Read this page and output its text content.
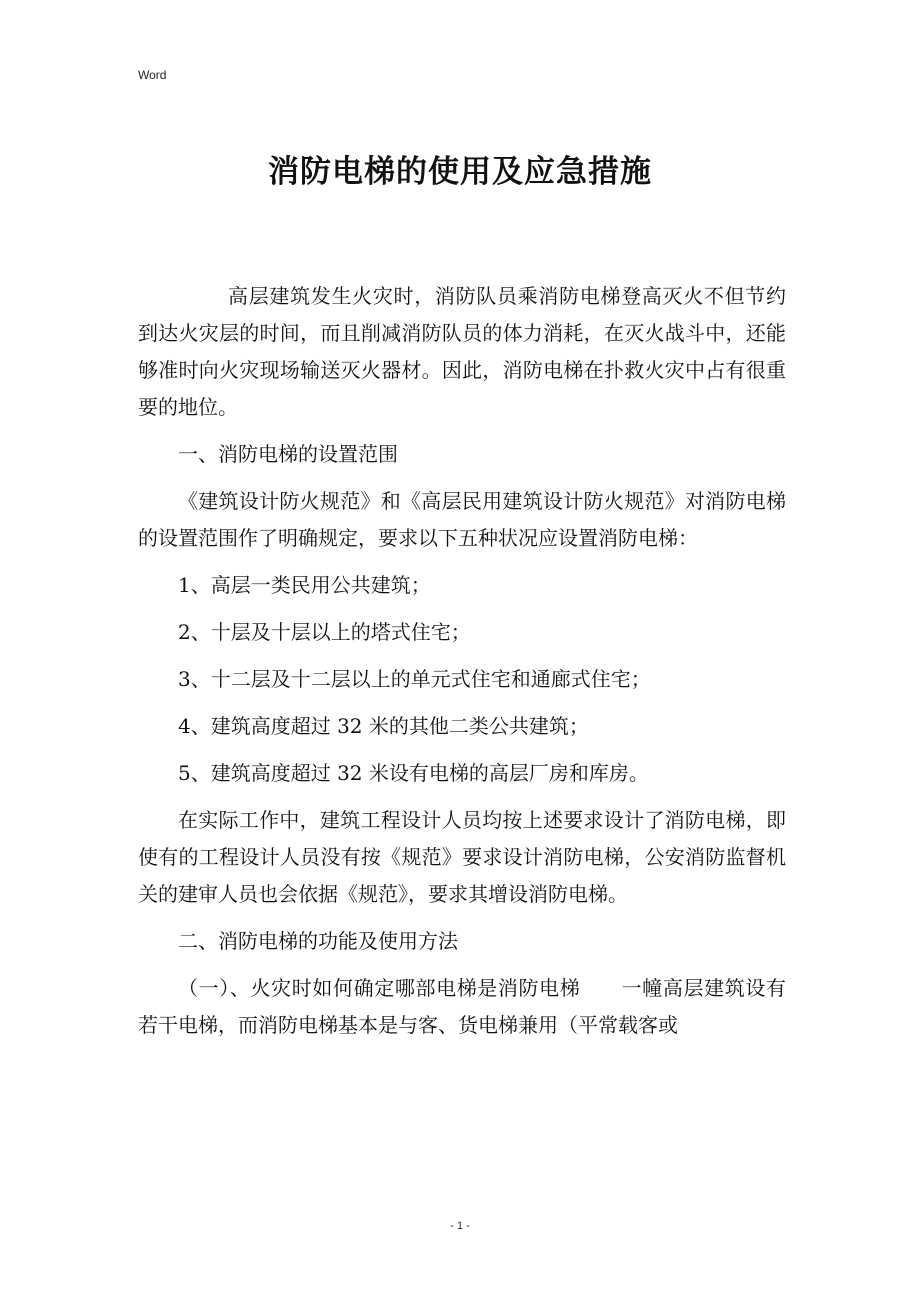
Word
消防电梯的使用及应急措施

高层建筑发生火灾时，消防队员乘消防电梯登高灭火不但节约到达火灾层的时间，而且削减消防队员的体力消耗，在灭火战斗中，还能够准时向火灾现场输送灭火器材。因此，消防电梯在扑救火灾中占有很重要的地位。

一、消防电梯的设置范围

《建筑设计防火规范》和《高层民用建筑设计防火规范》对消防电梯的设置范围作了明确规定，要求以下五种状况应设置消防电梯：

1、高层一类民用公共建筑；

2、十层及十层以上的塔式住宅；

3、十二层及十二层以上的单元式住宅和通廊式住宅；

4、建筑高度超过 32 米的其他二类公共建筑；

5、建筑高度超过 32 米设有电梯的高层厂房和库房。

在实际工作中，建筑工程设计人员均按上述要求设计了消防电梯，即使有的工程设计人员没有按《规范》要求设计消防电梯，公安消防监督机关的建审人员也会依据《规范》，要求其增设消防电梯。

二、消防电梯的功能及使用方法

（一）、火灾时如何确定哪部电梯是消防电梯　　一幢高层建筑设有若干电梯，而消防电梯基本是与客、货电梯兼用（平常载客或

- 1 -
